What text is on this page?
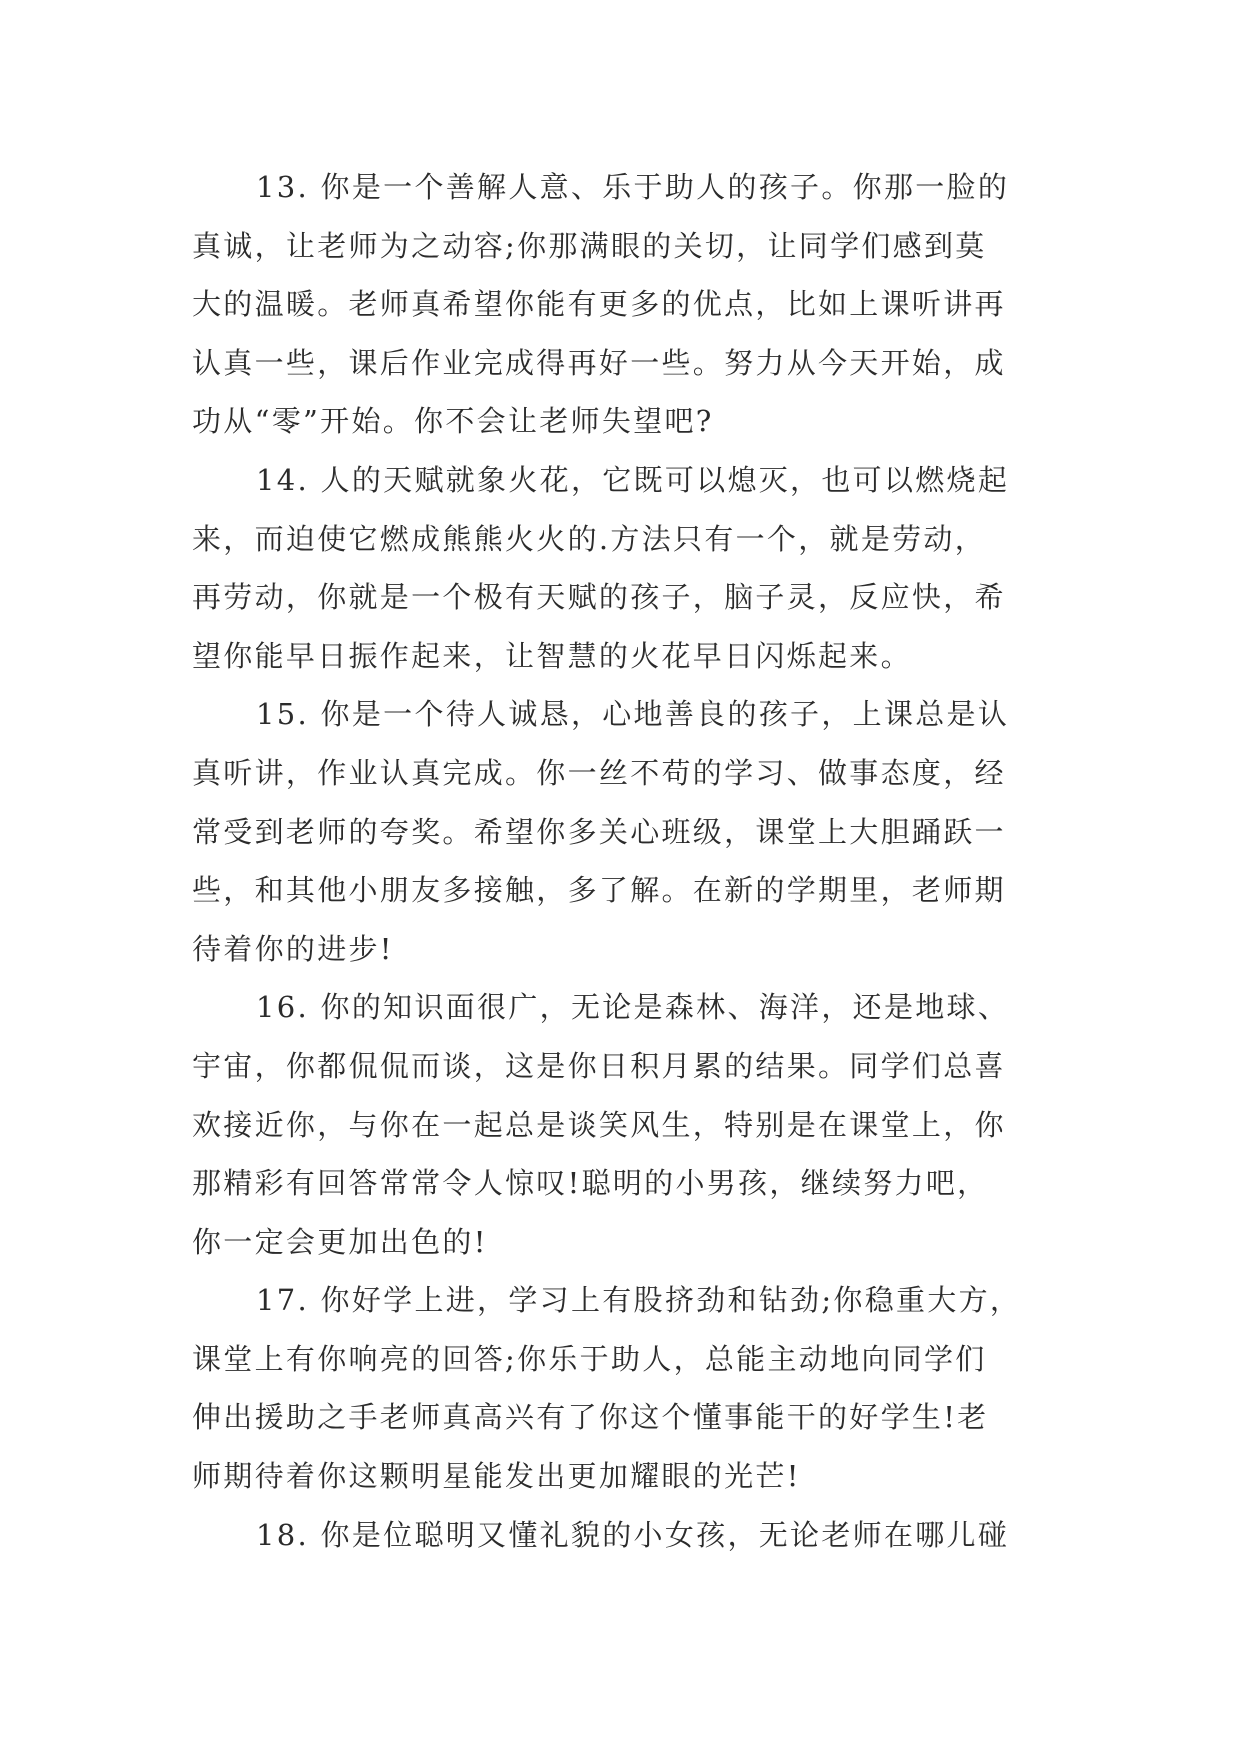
13. 你是一个善解人意、乐于助人的孩子。你那一脸的
真诚，让老师为之动容;你那满眼的关切，让同学们感到莫
大的温暖。老师真希望你能有更多的优点，比如上课听讲再
认真一些，课后作业完成得再好一些。努力从今天开始，成
功从“零”开始。你不会让老师失望吧?
14. 人的天赋就象火花，它既可以熄灭，也可以燃烧起
来，而迫使它燃成熊熊火火的.方法只有一个，就是劳动，
再劳动，你就是一个极有天赋的孩子，脑子灵，反应快，希
望你能早日振作起来，让智慧的火花早日闪烁起来。
15. 你是一个待人诚恳，心地善良的孩子，上课总是认
真听讲，作业认真完成。你一丝不苟的学习、做事态度，经
常受到老师的夸奖。希望你多关心班级，课堂上大胆踊跃一
些，和其他小朋友多接触，多了解。在新的学期里，老师期
待着你的进步!
16. 你的知识面很广，无论是森林、海洋，还是地球、
宇宙，你都侃侃而谈，这是你日积月累的结果。同学们总喜
欢接近你，与你在一起总是谈笑风生，特别是在课堂上，你
那精彩有回答常常令人惊叹!聪明的小男孩，继续努力吧，
你一定会更加出色的!
17. 你好学上进，学习上有股挤劲和钻劲;你稳重大方，
课堂上有你响亮的回答;你乐于助人，总能主动地向同学们
伸出援助之手老师真高兴有了你这个懂事能干的好学生!老
师期待着你这颗明星能发出更加耀眼的光芒!
18. 你是位聪明又懂礼貌的小女孩，无论老师在哪儿碰
